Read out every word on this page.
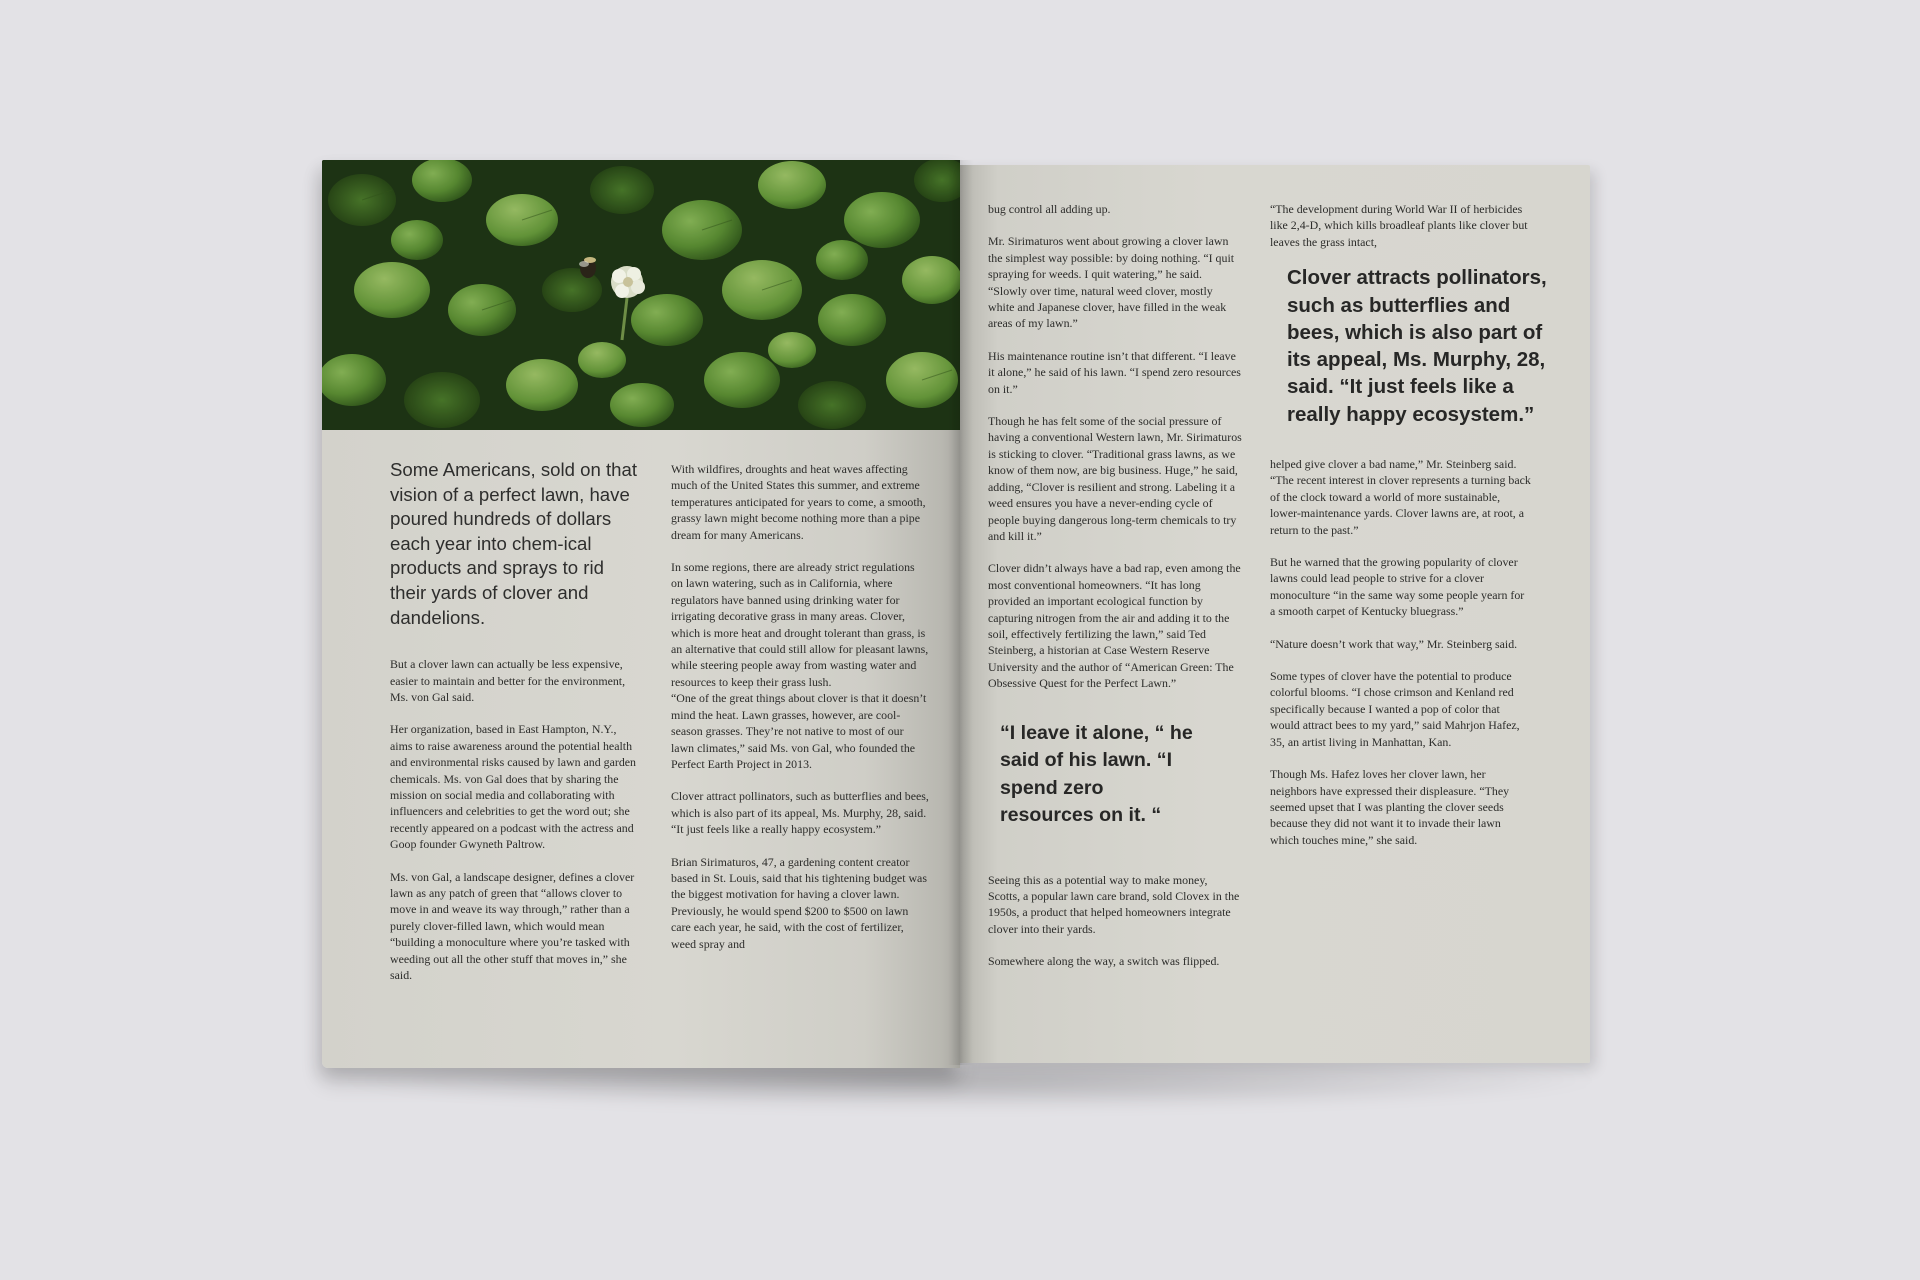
Some Americans, sold on that vision of a perfect lawn, have poured hundreds of dollars each year into chem-ical products and sprays to rid their yards of clover and dandelions.

But a clover lawn can actually be less expensive, easier to maintain and better for the environment, Ms. von Gal said.

Her organization, based in East Hampton, N.Y., aims to raise awareness around the potential health and environmental risks caused by lawn and garden chemicals. Ms. von Gal does that by sharing the mission on social media and collaborating with influencers and celebrities to get the word out; she recently appeared on a podcast with the actress and Goop founder Gwyneth Paltrow.

Ms. von Gal, a landscape designer, defines a clover lawn as any patch of green that “allows clover to move in and weave its way through,” rather than a purely clover-filled lawn, which would mean “building a monoculture where you’re tasked with weeding out all the other stuff that moves in,” she said.

With wildfires, droughts and heat waves affecting much of the United States this summer, and extreme temperatures anticipated for years to come, a smooth, grassy lawn might become nothing more than a pipe dream for many Americans.

In some regions, there are already strict regulations on lawn watering, such as in California, where regulators have banned using drinking water for irrigating decorative grass in many areas. Clover, which is more heat and drought tolerant than grass, is an alternative that could still allow for pleasant lawns, while steering people away from wasting water and resources to keep their grass lush.

“One of the great things about clover is that it doesn’t mind the heat. Lawn grasses, however, are cool-season grasses. They’re not native to most of our lawn climates,” said Ms. von Gal, who founded the Perfect Earth Project in 2013.

Clover attract pollinators, such as butterflies and bees, which is also part of its appeal, Ms. Murphy, 28, said. “It just feels like a really happy ecosystem.”

Brian Sirimaturos, 47, a gardening content creator based in St. Louis, said that his tightening budget was the biggest motivation for having a clover lawn. Previously, he would spend $200 to $500 on lawn care each year, he said, with the cost of fertilizer, weed spray and

bug control all adding up.

Mr. Sirimaturos went about growing a clover lawn the simplest way possible: by doing nothing. “I quit spraying for weeds. I quit watering,” he said. “Slowly over time, natural weed clover, mostly white and Japanese clover, have filled in the weak areas of my lawn.”

His maintenance routine isn’t that different. “I leave it alone,” he said of his lawn. “I spend zero resources on it.”

Though he has felt some of the social pressure of having a conventional Western lawn, Mr. Sirimaturos is sticking to clover. “Traditional grass lawns, as we know of them now, are big business. Huge,” he said, adding, “Clover is resilient and strong. Labeling it a weed ensures you have a never-ending cycle of people buying dangerous long-term chemicals to try and kill it.”

Clover didn’t always have a bad rap, even among the most conventional homeowners. “It has long provided an important ecological function by capturing nitrogen from the air and adding it to the soil, effectively fertilizing the lawn,” said Ted Steinberg, a historian at Case Western Reserve University and the author of “American Green: The Obsessive Quest for the Perfect Lawn.”

“I leave it alone, “ he said of his lawn. “I spend zero resources on it. “

Seeing this as a potential way to make money, Scotts, a popular lawn care brand, sold Clovex in the 1950s, a product that helped homeowners integrate clover into their yards.

Somewhere along the way, a switch was flipped.

“The development during World War II of herbicides like 2,4-D, which kills broadleaf plants like clover but leaves the grass intact,

Clover attracts pollinators, such as butterflies and bees, which is also part of its appeal, Ms. Murphy, 28, said. “It just feels like a really happy ecosystem.”

helped give clover a bad name,” Mr. Steinberg said. “The recent interest in clover represents a turning back of the clock toward a world of more sustainable, lower-maintenance yards. Clover lawns are, at root, a return to the past.”

But he warned that the growing popularity of clover lawns could lead people to strive for a clover monoculture “in the same way some people yearn for a smooth carpet of Kentucky bluegrass.”

“Nature doesn’t work that way,” Mr. Steinberg said.

Some types of clover have the potential to produce colorful blooms. “I chose crimson and Kenland red specifically because I wanted a pop of color that would attract bees to my yard,” said Mahrjon Hafez, 35, an artist living in Manhattan, Kan.

Though Ms. Hafez loves her clover lawn, her neighbors have expressed their displeasure. “They seemed upset that I was planting the clover seeds because they did not want it to invade their lawn which touches mine,” she said.
